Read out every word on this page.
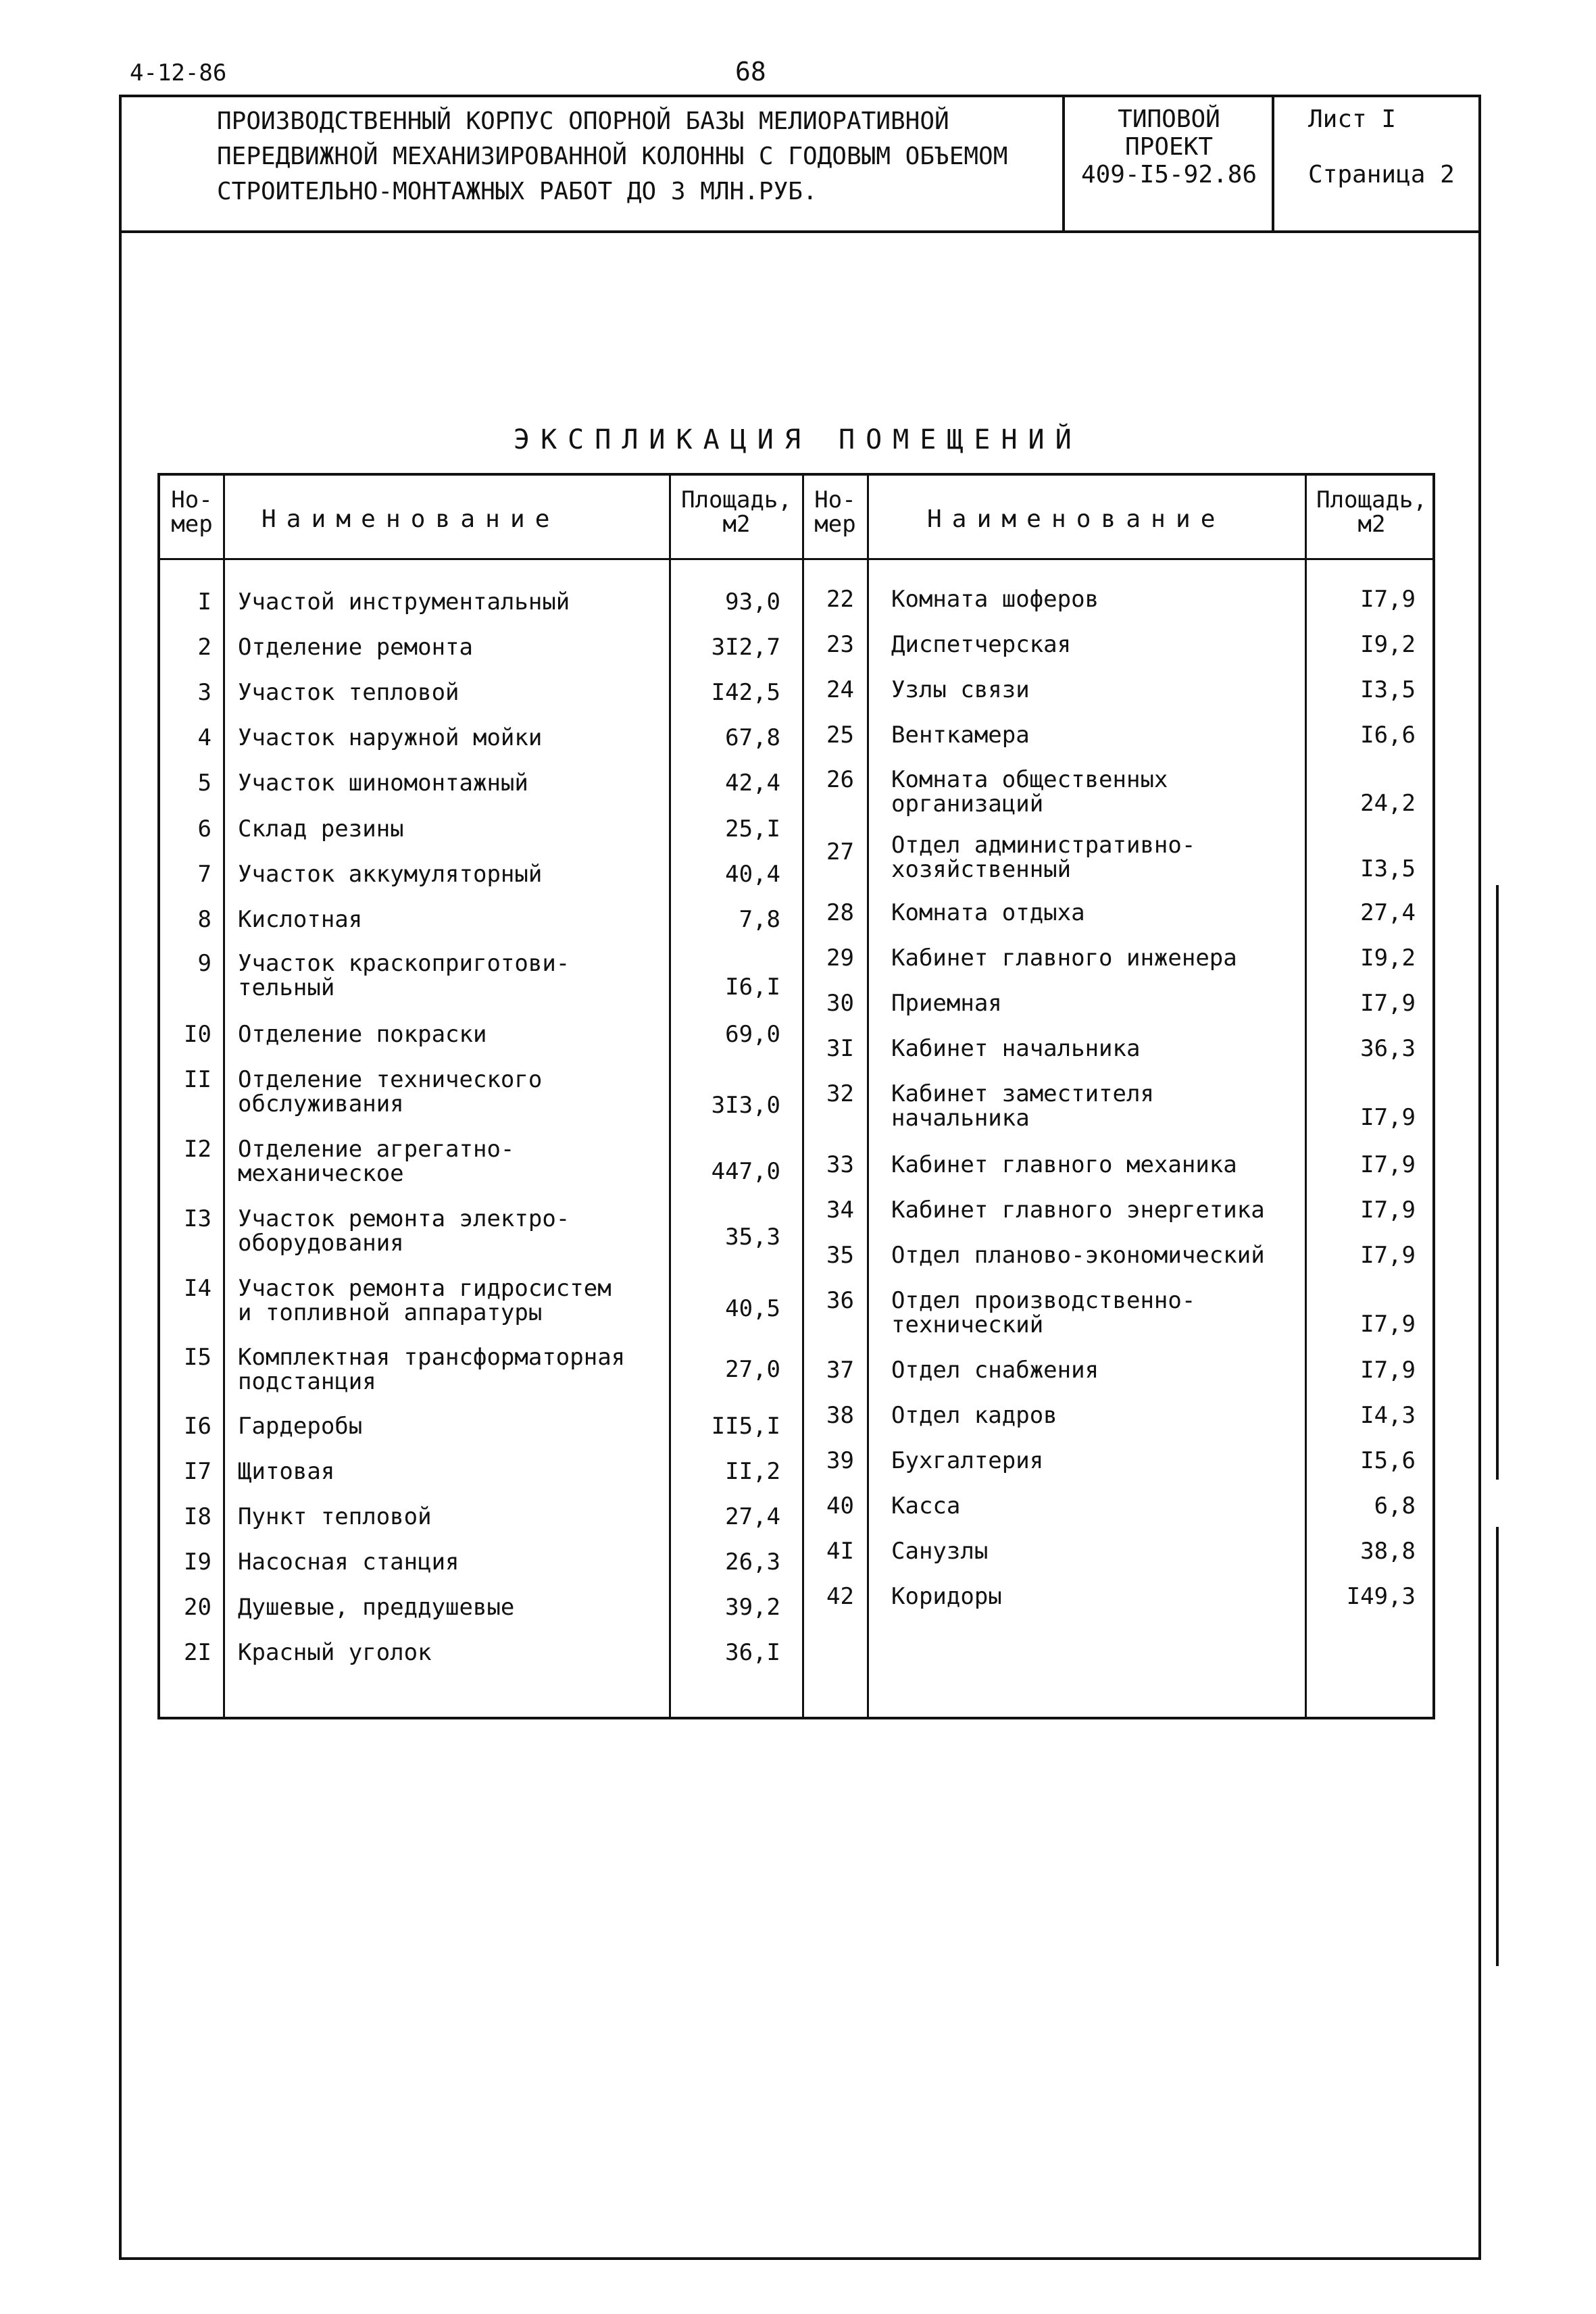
4-12-86	68
ПРОИЗВОДСТВЕННЫЙ КОРПУС ОПОРНОЙ БАЗЫ МЕЛИОРАТИВНОЙ
ПЕРЕДВИЖНОЙ МЕХАНИЗИРОВАННОЙ КОЛОННЫ С ГОДОВЫМ ОБЪЕМОМ
СТРОИТЕЛЬНО-МОНТАЖНЫХ РАБОТ ДО 3 МЛН.РУБ.
ТИПОВОЙ ПРОЕКТ
409-I5-92.86
Лист I
Страница 2
ЭКСПЛИКАЦИЯ ПОМЕЩЕНИЙ
Но-
мер	Наименование
Площадь,
м2
Но-
мер	Наименование
Площадь,
м2
I Участой инструментальный	93,0
2 Отделение ремонта	3I2,7
3 Участок тепловой	I42,5
4 Участок наружной мойки	67,8
5 Участок шиномонтажный	42,4
6 Склад резины	25,I
7 Участок аккумуляторный	40,4
8 Кислотная	7,8
9 Участок краскоприготови-
тельный	I6,I
I0 Отделение покраски	69,0
II Отделение технического
обслуживания	3I3,0
I2 Отделение агрегатно-
механическое	447,0
I3 Участок ремонта электро-
оборудования	35,3
I4 Участок ремонта гидросистем
и топливной аппаратуры	40,5
I5 Комплектная трансформаторная
подстанция	27,0
I6 Гардеробы	II5,I
I7 Щитовая	II,2
I8 Пункт тепловой	27,4
I9 Насосная станция	26,3
20 Душевые, преддушевые	39,2
2I Красный уголок	36,I
22 Комната шоферов	I7,9
23 Диспетчерская	I9,2
24 Узлы связи	I3,5
25 Венткамера	I6,6
26 Комната общественных
организаций	24,2
27 Отдел административно-
хозяйственный	I3,5
28 Комната отдыха	27,4
29 Кабинет главного инженера	I9,2
30 Приемная	I7,9
3I Кабинет начальника	36,3
32 Кабинет заместителя
начальника	I7,9
33 Кабинет главного механика	I7,9
34 Кабинет главного энергетика	I7,9
35 Отдел планово-экономический	I7,9
36 Отдел производственно-
технический	I7,9
37 Отдел снабжения	I7,9
38 Отдел кадров	I4,3
39 Бухгалтерия	I5,6
40 Касса	6,8
4I Санузлы	38,8
42 Коридоры	I49,3
